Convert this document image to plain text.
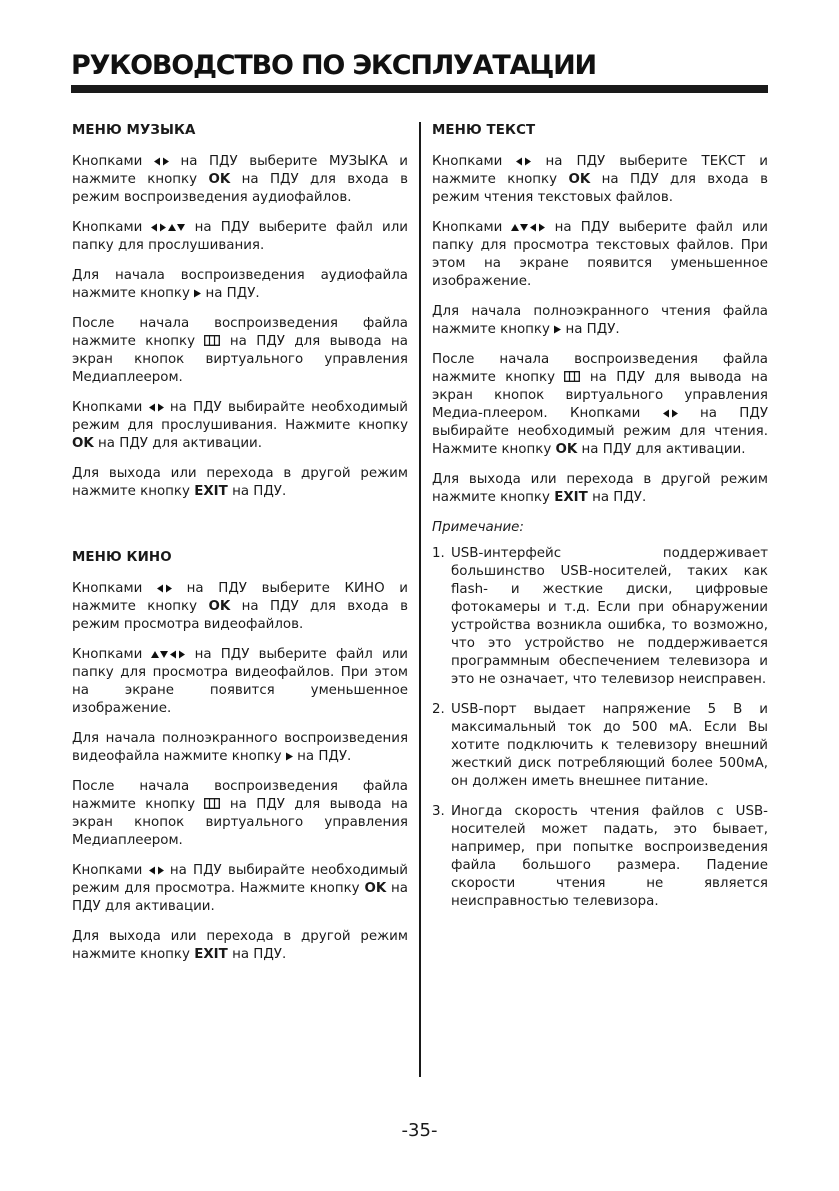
РУКОВОДСТВО ПО ЭКСПЛУАТАЦИИ
МЕНЮ МУЗЫКА

Кнопками	на ПДУ выберите МУЗЫКА и нажмите кнопку OK на ПДУ для входа в режим воспроизведения аудиофайлов.

Кнопками	на ПДУ выберите файл или папку для прослушивания.

Для начала воспроизведения аудиофайла нажмите кнопку на ПДУ.

После начала воспроизведения файла нажмите кнопку	на ПДУ для вывода на экран кнопок виртуального управления Медиаплеером.

Кнопками на ПДУ выбирайте необходимый режим для прослушивания. Нажмите кнопку OK на ПДУ для активации.

Для выхода или перехода в другой режим нажмите кнопку EXIT на ПДУ.

МЕНЮ КИНО

Кнопками	на ПДУ выберите КИНО и нажмите кнопку OK на ПДУ для входа в режим просмотра видеофайлов.

Кнопками	на ПДУ выберите файл или папку для просмотра видеофайлов. При этом на экране появится уменьшенное изображение.

Для начала полноэкранного воспроизведения видеофайла нажмите кнопку на ПДУ.

После начала воспроизведения файла нажмите кнопку	на ПДУ для вывода на экран кнопок виртуального управления Медиаплеером.

Кнопками на ПДУ выбирайте необходимый режим для просмотра. Нажмите кнопку OK на ПДУ для активации.

Для выхода или перехода в другой режим нажмите кнопку EXIT на ПДУ.

МЕНЮ ТЕКСТ

Кнопками	на ПДУ выберите ТЕКСТ и нажмите кнопку OK на ПДУ для входа в режим чтения текстовых файлов.

Кнопками	на ПДУ выберите файл или папку для просмотра текстовых файлов. При этом на экране появится уменьшенное изображение.

Для начала полноэкранного чтения файла нажмите кнопку на ПДУ.

После начала воспроизведения файла нажмите кнопку	на ПДУ для вывода на экран кнопок виртуального управления Медиа-плеером. Кнопками	на ПДУ выбирайте необходимый режим для чтения. Нажмите кнопку OK на ПДУ для активации.

Для выхода или перехода в другой режим нажмите кнопку EXIT на ПДУ.

Примечание:

1. USB-интерфейс поддерживает большинство USB-носителей, таких как flash- и жесткие диски, цифровые фотокамеры и т.д. Если при обнаружении устройства возникла ошибка, то возможно, что это устройство не поддерживается программным обеспечением телевизора и это не означает, что телевизор неисправен.
2. USB-порт выдает напряжение 5 В и максимальный ток до 500 мА. Если Вы хотите подключить к телевизору внешний жесткий диск потребляющий более 500мА, он должен иметь внешнее питание.
3. Иногда скорость чтения файлов с USB-носителей может падать, это бывает, например, при попытке воспроизведения файла большого размера. Падение скорости чтения не является неисправностью телевизора.
-35-
